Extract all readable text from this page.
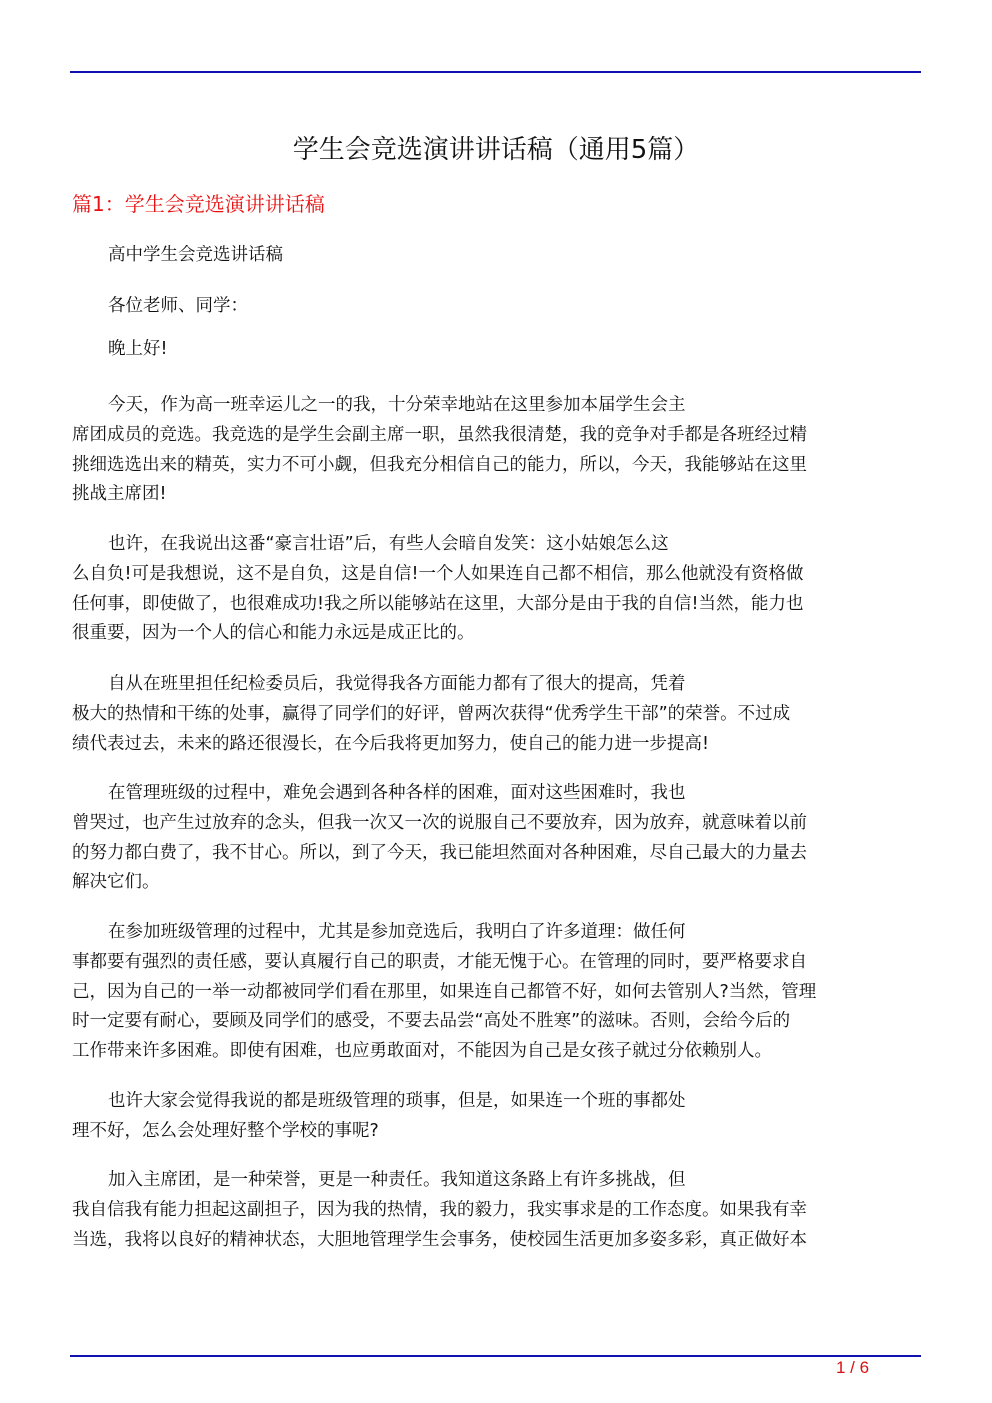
学生会竞选演讲讲话稿（通用5篇）
篇1：学生会竞选演讲讲话稿
高中学生会竞选讲话稿
各位老师、同学：
晚上好!
今天，作为高一班幸运儿之一的我，十分荣幸地站在这里参加本届学生会主
席团成员的竞选。我竞选的是学生会副主席一职，虽然我很清楚，我的竞争对手都是各班经过精
挑细选选出来的精英，实力不可小觑，但我充分相信自己的能力，所以，今天，我能够站在这里
挑战主席团!
也许，在我说出这番“豪言壮语”后，有些人会暗自发笑：这小姑娘怎么这
么自负!可是我想说，这不是自负，这是自信!一个人如果连自己都不相信，那么他就没有资格做
任何事，即使做了，也很难成功!我之所以能够站在这里，大部分是由于我的自信!当然，能力也
很重要，因为一个人的信心和能力永远是成正比的。
自从在班里担任纪检委员后，我觉得我各方面能力都有了很大的提高，凭着
极大的热情和干练的处事，赢得了同学们的好评，曾两次获得“优秀学生干部”的荣誉。不过成
绩代表过去，未来的路还很漫长，在今后我将更加努力，使自己的能力进一步提高!
在管理班级的过程中，难免会遇到各种各样的困难，面对这些困难时，我也
曾哭过，也产生过放弃的念头，但我一次又一次的说服自己不要放弃，因为放弃，就意味着以前
的努力都白费了，我不甘心。所以，到了今天，我已能坦然面对各种困难，尽自己最大的力量去
解决它们。
在参加班级管理的过程中，尤其是参加竞选后，我明白了许多道理：做任何
事都要有强烈的责任感，要认真履行自己的职责，才能无愧于心。在管理的同时，要严格要求自
己，因为自己的一举一动都被同学们看在那里，如果连自己都管不好，如何去管别人?当然，管理
时一定要有耐心，要顾及同学们的感受，不要去品尝“高处不胜寒”的滋味。否则，会给今后的
工作带来许多困难。即使有困难，也应勇敢面对，不能因为自己是女孩子就过分依赖别人。
也许大家会觉得我说的都是班级管理的琐事，但是，如果连一个班的事都处
理不好，怎么会处理好整个学校的事呢?
加入主席团，是一种荣誉，更是一种责任。我知道这条路上有许多挑战，但
我自信我有能力担起这副担子，因为我的热情，我的毅力，我实事求是的工作态度。如果我有幸
当选，我将以良好的精神状态，大胆地管理学生会事务，使校园生活更加多姿多彩，真正做好本
1 / 6
